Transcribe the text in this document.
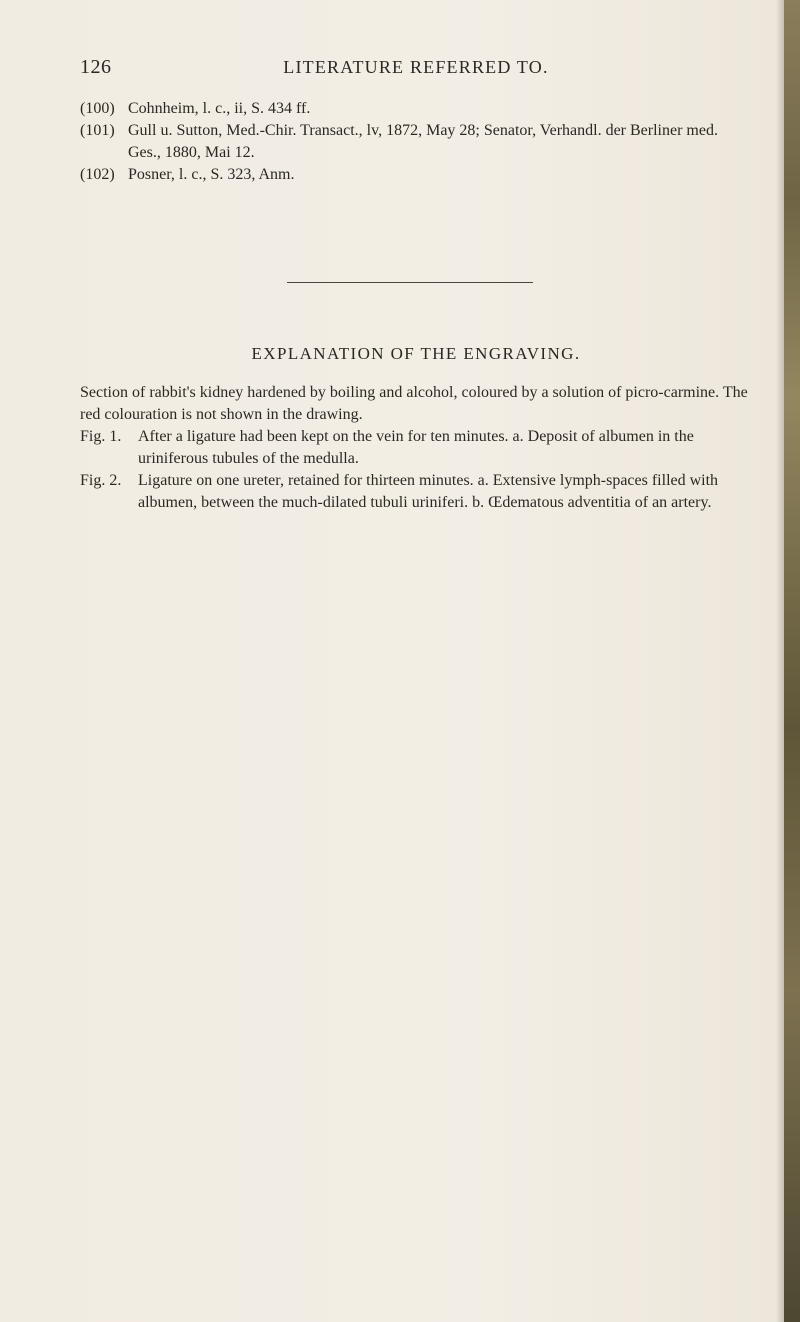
126	LITERATURE REFERRED TO.

(100) Cohnheim, l. c., ii, S. 434 ff.

(101) Gull u. Sutton, Med.-Chir. Transact., lv, 1872, May 28; Senator, Verhandl. der Berliner med. Ges., 1880, Mai 12.

(102) Posner, l. c., S. 323, Anm.

EXPLANATION OF THE ENGRAVING.

Section of rabbit's kidney hardened by boiling and alcohol, coloured by a solution of picro-carmine. The red colouration is not shown in the drawing.

Fig. 1. After a ligature had been kept on the vein for ten minutes. a. Deposit of albumen in the uriniferous tubules of the medulla.

Fig. 2. Ligature on one ureter, retained for thirteen minutes. a. Extensive lymph-spaces filled with albumen, between the much-dilated tubuli uriniferi. b. Œdematous adventitia of an artery.
